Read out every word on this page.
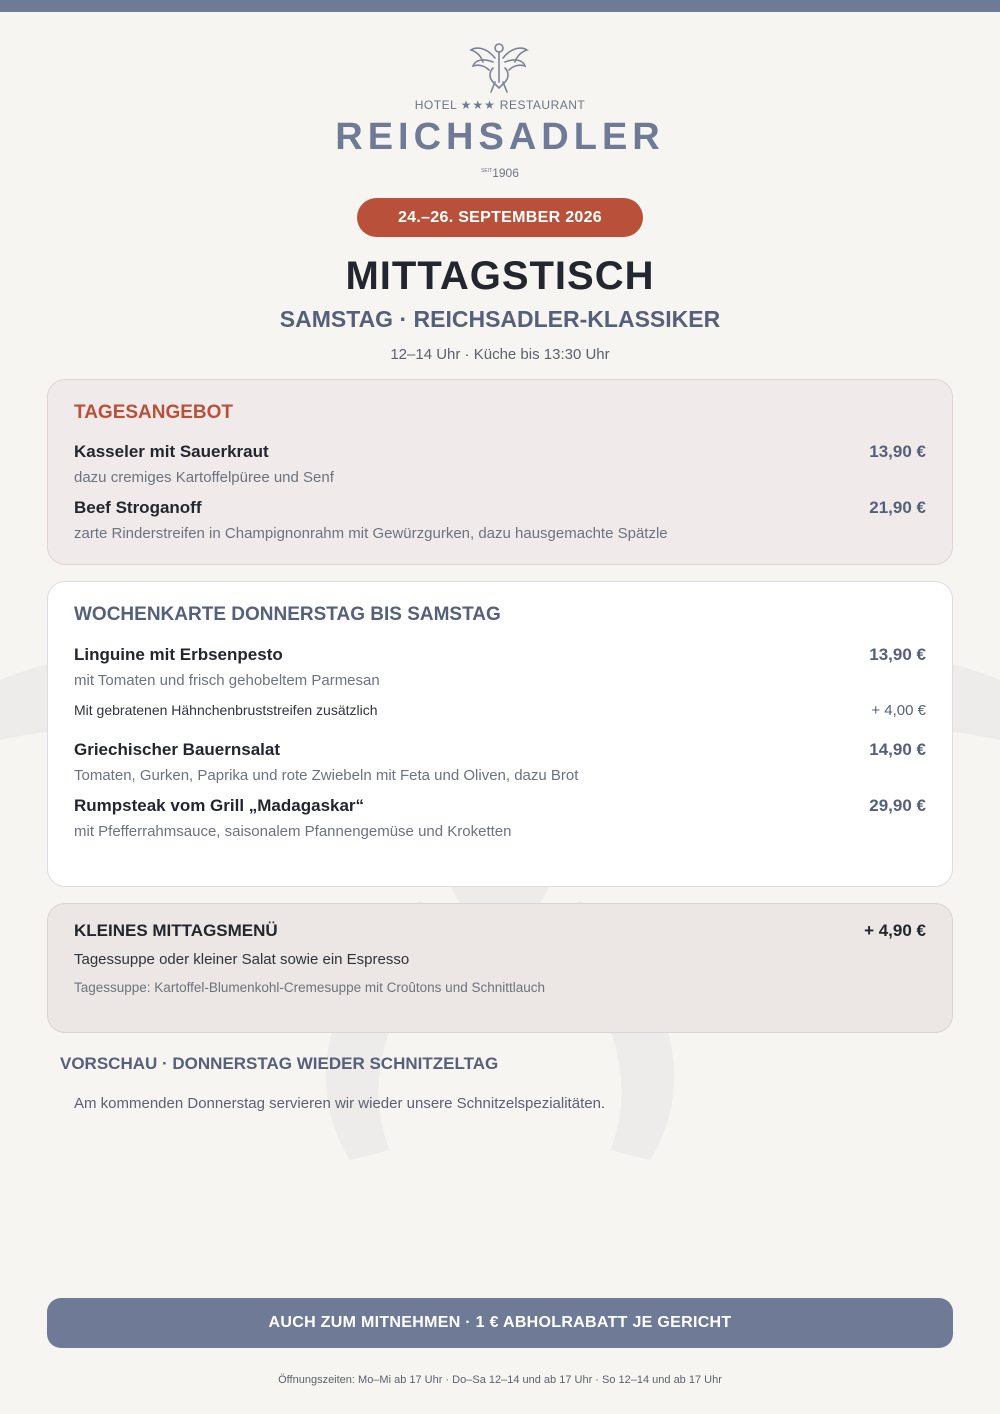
HOTEL ★★★ RESTAURANT
REICHSADLER
$^{SEIT}$1906
24.–26. SEPTEMBER 2026
MITTAGSTISCH
SAMSTAG · REICHSADLER-KLASSIKER
12–14 Uhr · Küche bis 13:30 Uhr
TAGESANGEBOT
Kasseler mit Sauerkraut	13,90 €
dazu cremiges Kartoffelpüree und Senf
Beef Stroganoff	21,90 €
zarte Rinderstreifen in Champignonrahm mit Gewürzgurken, dazu hausgemachte Spätzle
WOCHENKARTE DONNERSTAG BIS SAMSTAG
Linguine mit Erbsenpesto	13,90 €
mit Tomaten und frisch gehobeltem Parmesan
Mit gebratenen Hähnchenbruststreifen zusätzlich	+ 4,00 €
Griechischer Bauernsalat	14,90 €
Tomaten, Gurken, Paprika und rote Zwiebeln mit Feta und Oliven, dazu Brot
Rumpsteak vom Grill „Madagaskar“	29,90 €
mit Pfefferrahmsauce, saisonalem Pfannengemüse und Kroketten
KLEINES MITTAGSMENÜ	+ 4,90 €
Tagessuppe oder kleiner Salat sowie ein Espresso
Tagessuppe: Kartoffel-Blumenkohl-Cremesuppe mit Croûtons und Schnittlauch
VORSCHAU · DONNERSTAG WIEDER SCHNITZELTAG
Am kommenden Donnerstag servieren wir wieder unsere Schnitzelspezialitäten.
AUCH ZUM MITNEHMEN · 1 € ABHOLRABATT JE GERICHT
Öffnungszeiten: Mo–Mi ab 17 Uhr · Do–Sa 12–14 und ab 17 Uhr · So 12–14 und ab 17 Uhr
